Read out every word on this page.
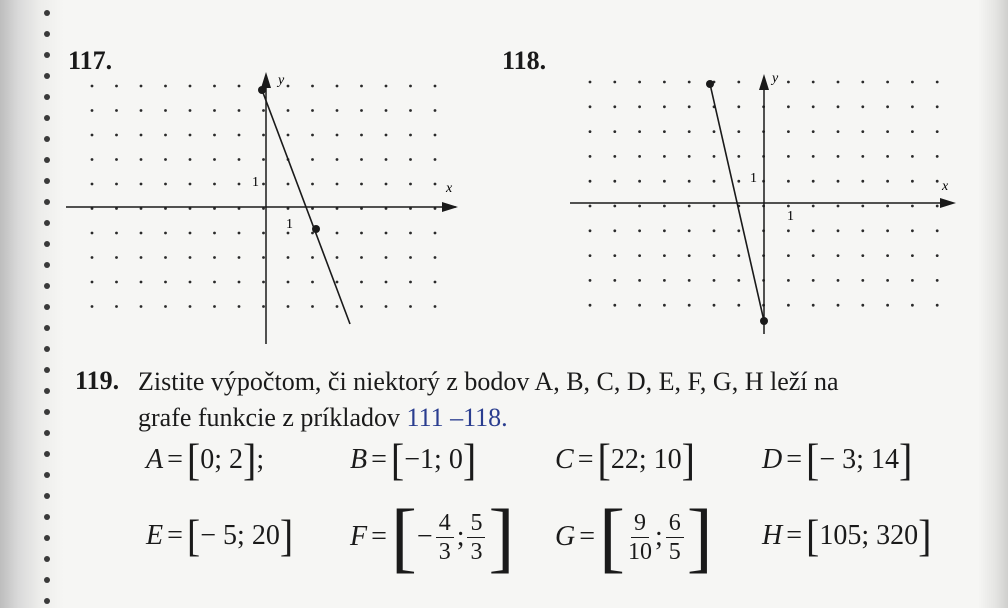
117.
x
y
1
1
118.
x
y
1
1
119. Zistite výpočtom, či niektorý z bodov A, B, C, D, E, F, G, H leží na
grafe funkcie z príkladov 111 –118.
A = [ 0 ; 2 ] ;	B = [ −1 ; 0 ]	C = [ 22 ; 10 ] D = [ − 3 ; 14 ]
E = [ − 5 ; 20 ] F = [ − $\frac{4}{3}$ ; $\frac{5}{3}$ ] G = [ $\frac{9}{10}$ ; $\frac{6}{5}$ ] H = [ 105 ; 320 ]
